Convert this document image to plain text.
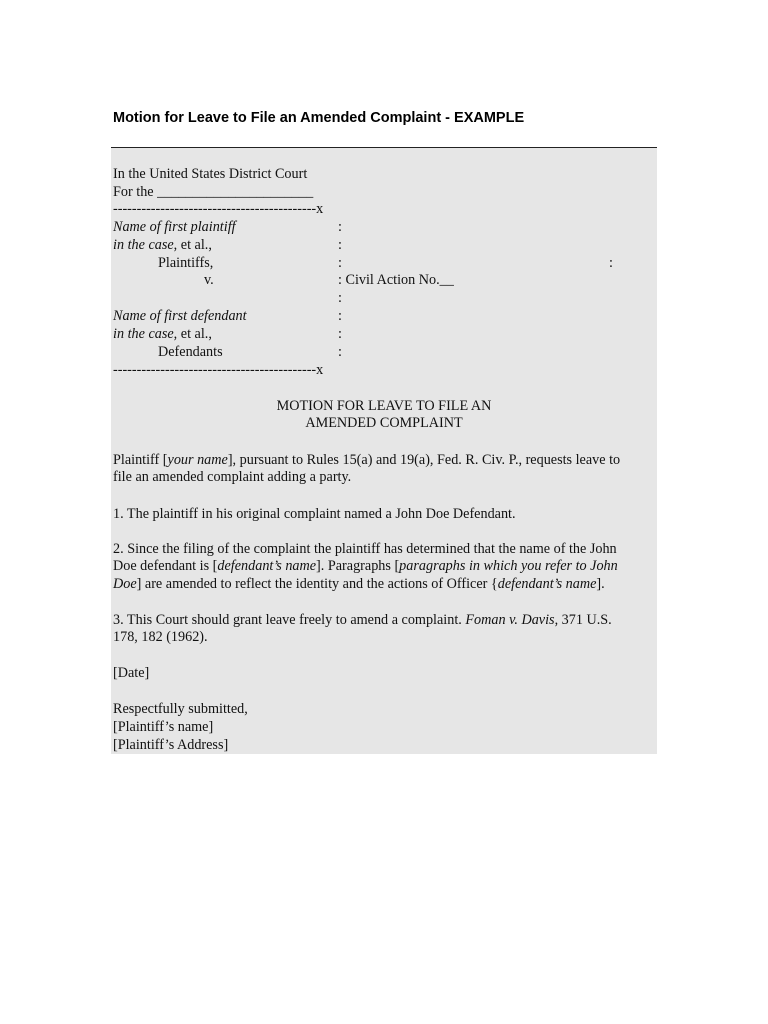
Motion for Leave to File an Amended Complaint - EXAMPLE
In the United States District Court
For the ______________________
-------------------------------------------x
Name of first plaintiff	:
in the case, et al.,	:
Plaintiffs,	:	:
v.	: Civil Action No.__
:
Name of first defendant	:
in the case, et al.,	:
Defendants	:
-------------------------------------------x
MOTION FOR LEAVE TO FILE AN
AMENDED COMPLAINT
Plaintiff [your name], pursuant to Rules 15(a) and 19(a), Fed. R. Civ. P., requests leave to
file an amended complaint adding a party.
1. The plaintiff in his original complaint named a John Doe Defendant.
2. Since the filing of the complaint the plaintiff has determined that the name of the John
Doe defendant is [defendant’s name]. Paragraphs [paragraphs in which you refer to John
Doe] are amended to reflect the identity and the actions of Officer {defendant’s name].
3. This Court should grant leave freely to amend a complaint. Foman v. Davis, 371 U.S.
178, 182 (1962).
[Date]
Respectfully submitted,
[Plaintiff’s name]
[Plaintiff’s Address]
